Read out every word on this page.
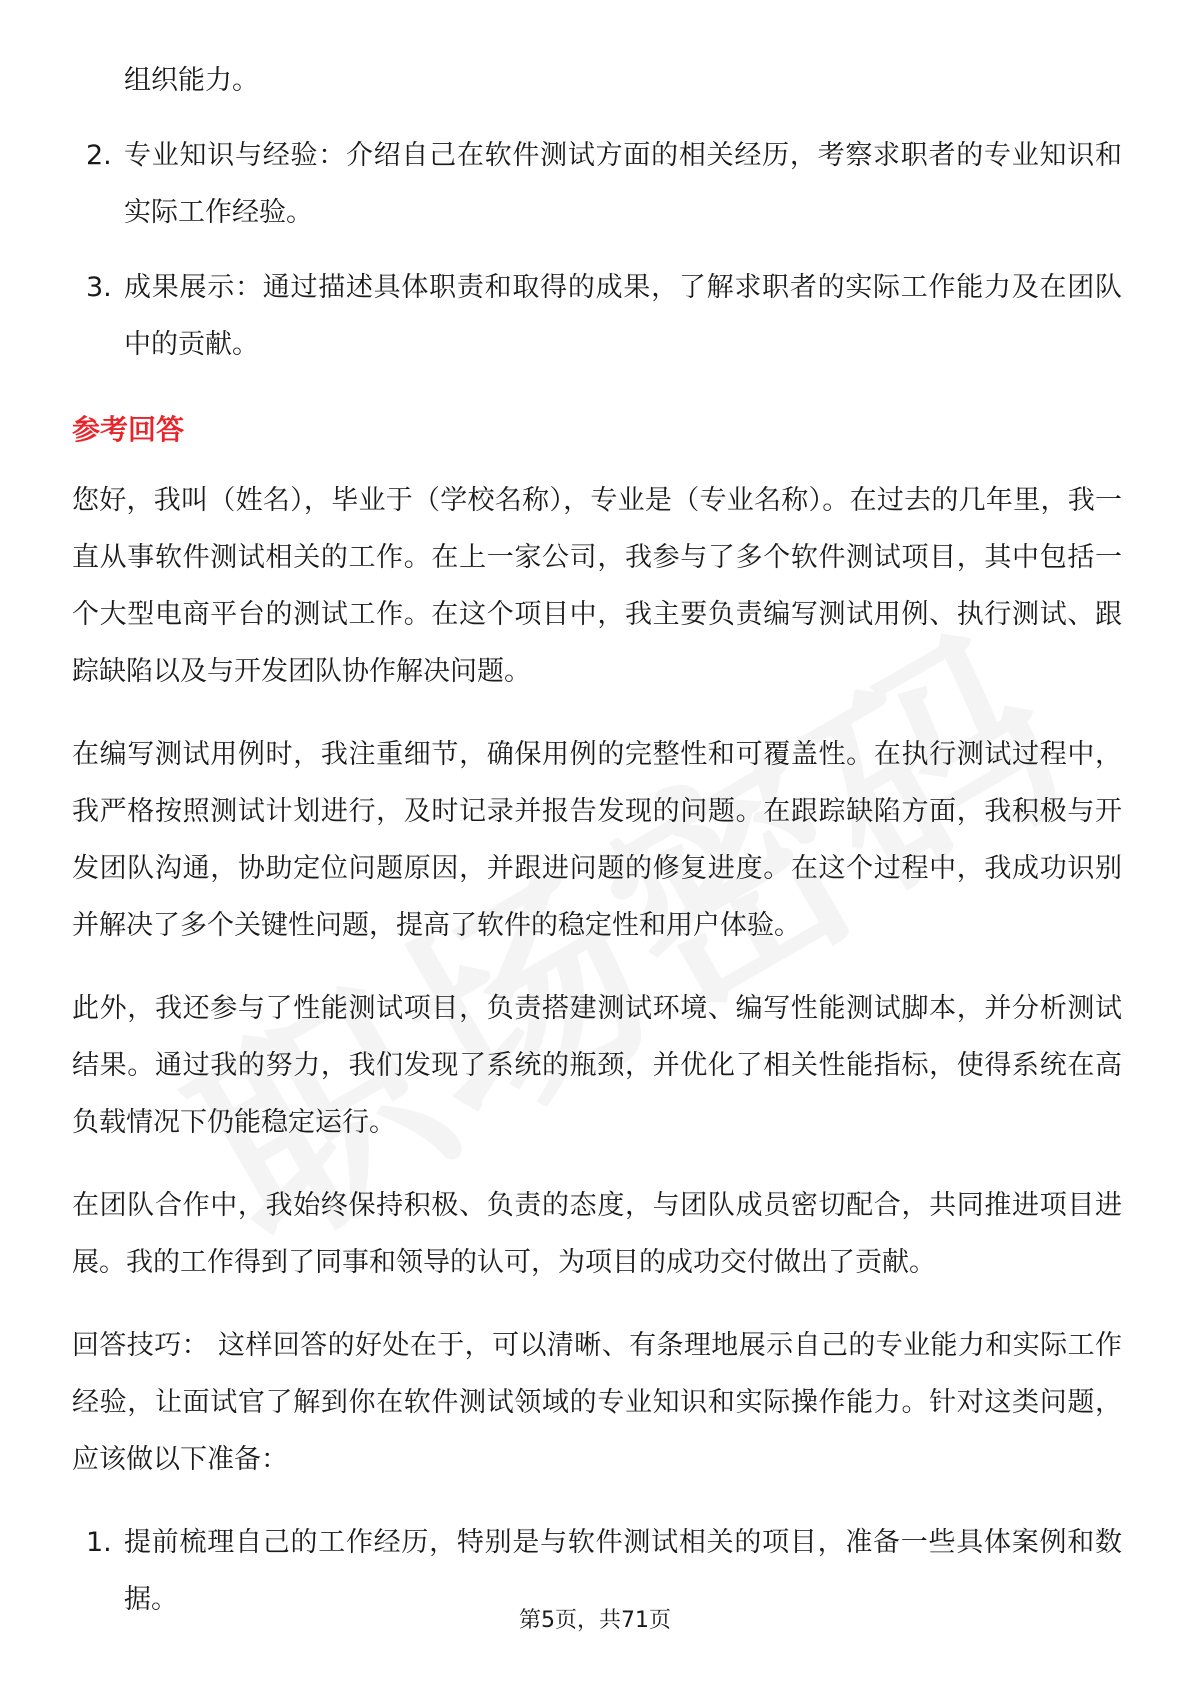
组织能力。

2. 专业知识与经验：介绍自己在软件测试方面的相关经历，考察求职者的专业知识和实际工作经验。

3. 成果展示：通过描述具体职责和取得的成果，了解求职者的实际工作能力及在团队中的贡献。

参考回答

您好，我叫（姓名），毕业于（学校名称），专业是（专业名称）。在过去的几年里，我一直从事软件测试相关的工作。在上一家公司，我参与了多个软件测试项目，其中包括一个大型电商平台的测试工作。在这个项目中，我主要负责编写测试用例、执行测试、跟踪缺陷以及与开发团队协作解决问题。

在编写测试用例时，我注重细节，确保用例的完整性和可覆盖性。在执行测试过程中，我严格按照测试计划进行，及时记录并报告发现的问题。在跟踪缺陷方面，我积极与开发团队沟通，协助定位问题原因，并跟进问题的修复进度。在这个过程中，我成功识别并解决了多个关键性问题，提高了软件的稳定性和用户体验。

此外，我还参与了性能测试项目，负责搭建测试环境、编写性能测试脚本，并分析测试结果。通过我的努力，我们发现了系统的瓶颈，并优化了相关性能指标，使得系统在高负载情况下仍能稳定运行。

在团队合作中，我始终保持积极、负责的态度，与团队成员密切配合，共同推进项目进展。我的工作得到了同事和领导的认可，为项目的成功交付做出了贡献。

回答技巧： 这样回答的好处在于，可以清晰、有条理地展示自己的专业能力和实际工作经验，让面试官了解到你在软件测试领域的专业知识和实际操作能力。针对这类问题，应该做以下准备：

1. 提前梳理自己的工作经历，特别是与软件测试相关的项目，准备一些具体案例和数据。

第5页，共71页
